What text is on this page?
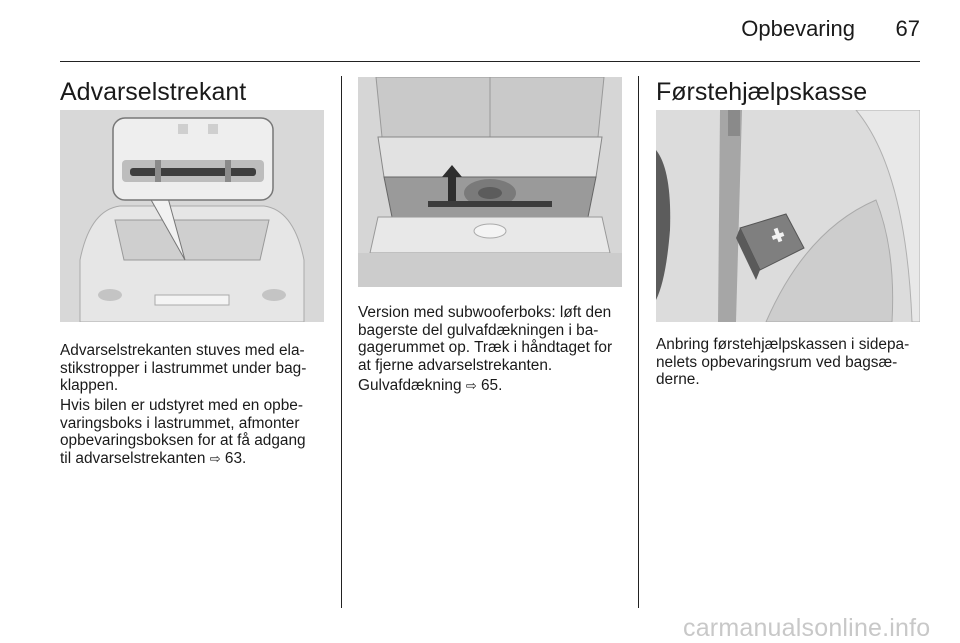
Opbevaring	67
Advarselstrekant

Advarselstrekanten stuves med ela-
stikstropper i lastrummet under bag-
klappen.

Hvis bilen er udstyret med en opbe-
varingsboks i lastrummet, afmonter
opbevaringsboksen for at få adgang
til advarselstrekanten ⇨ 63.

Version med subwooferboks: løft den
bagerste del gulvafdækningen i ba-
gagerummet op. Træk i håndtaget for
at fjerne advarselstrekanten.

Gulvafdækning ⇨ 65.

Førstehjælpskasse

Anbring førstehjælpskassen i sidepa-
nelets opbevaringsrum ved bagsæ-
derne.

carmanualsonline.info
